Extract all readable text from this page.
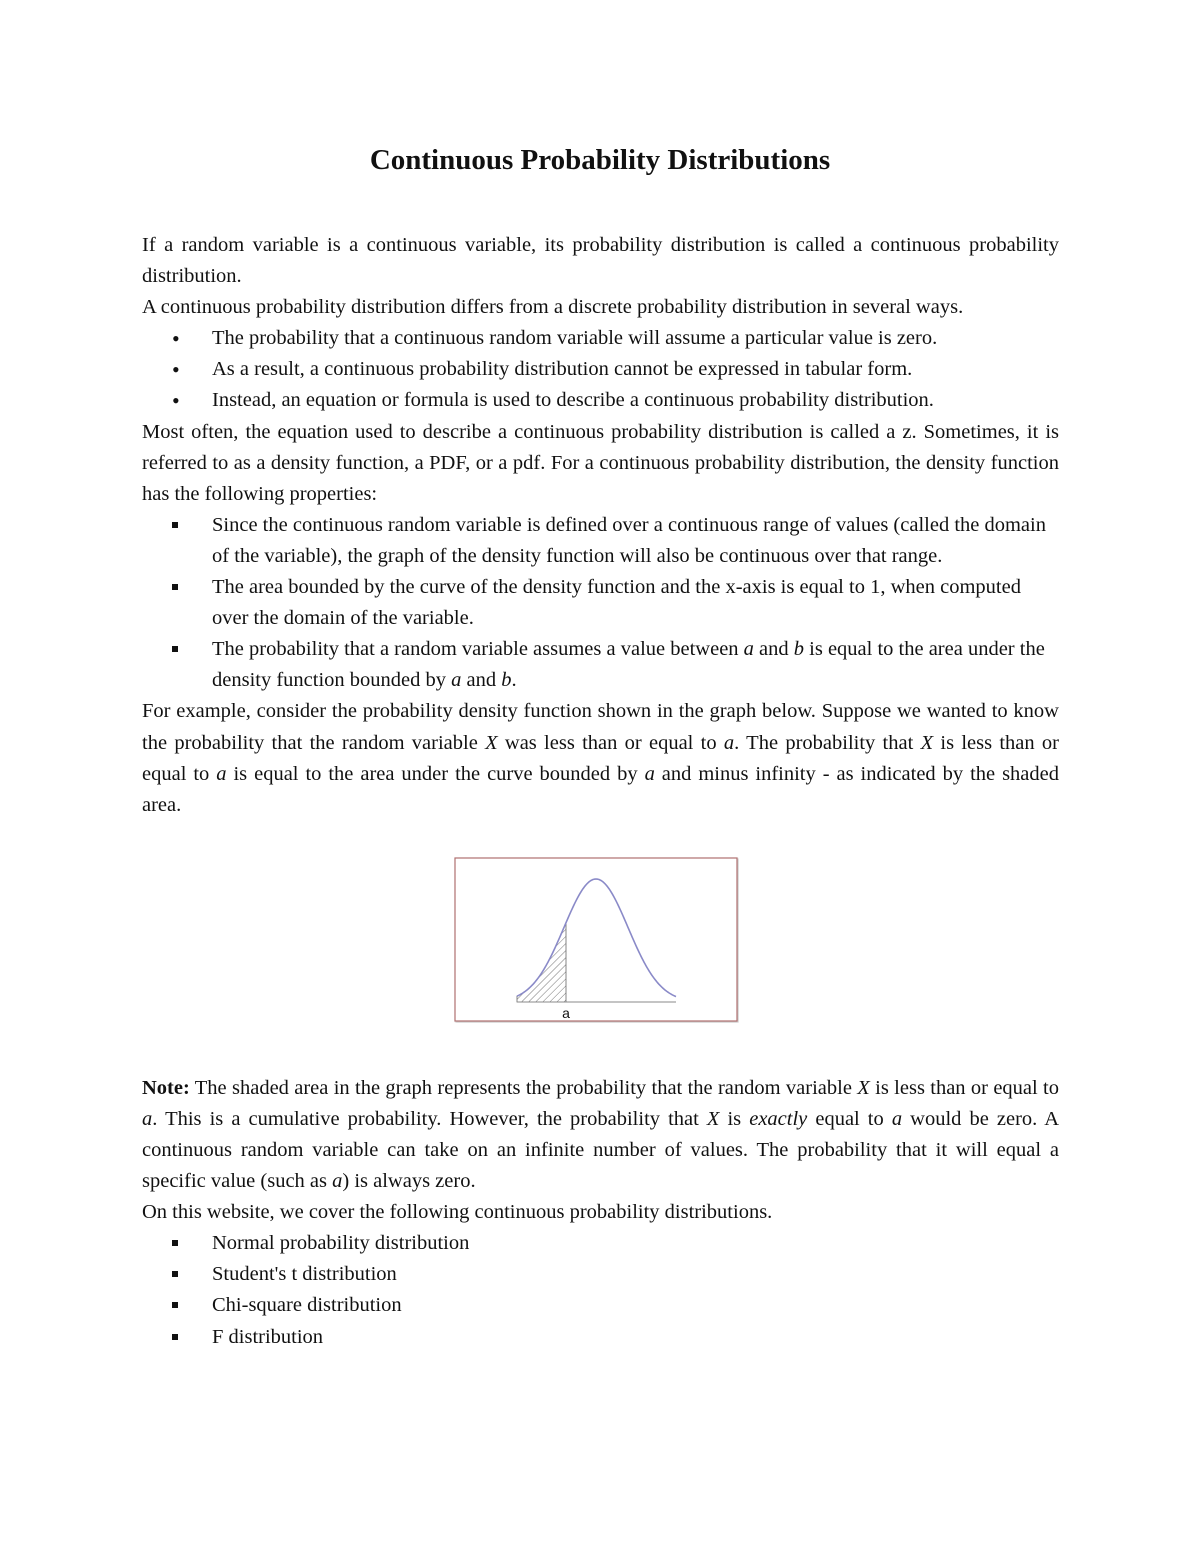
Continuous Probability Distributions

If a random variable is a continuous variable, its probability distribution is called a continuous probability distribution.

A continuous probability distribution differs from a discrete probability distribution in several ways.

•
The probability that a continuous random variable will assume a particular value is zero.
•
As a result, a continuous probability distribution cannot be expressed in tabular form.
•
Instead, an equation or formula is used to describe a continuous probability distribution.

Most often, the equation used to describe a continuous probability distribution is called a z. Sometimes, it is referred to as a density function, a PDF, or a pdf. For a continuous probability distribution, the density function has the following properties:

Since the continuous random variable is defined over a continuous range of values (called the domain of the variable), the graph of the density function will also be continuous over that range.
The area bounded by the curve of the density function and the x-axis is equal to 1, when computed over the domain of the variable.
The probability that a random variable assumes a value between a and b is equal to the area under the density function bounded by a and b.

For example, consider the probability density function shown in the graph below. Suppose we wanted to know the probability that the random variable X was less than or equal to a. The probability that X is less than or equal to a is equal to the area under the curve bounded by a and minus infinity - as indicated by the shaded area.

a

Note: The shaded area in the graph represents the probability that the random variable X is less than or equal to a. This is a cumulative probability. However, the probability that X is exactly equal to a would be zero. A continuous random variable can take on an infinite number of values. The probability that it will equal a specific value (such as a) is always zero.

On this website, we cover the following continuous probability distributions.

Normal probability distribution
Student's t distribution
Chi-square distribution
F distribution
